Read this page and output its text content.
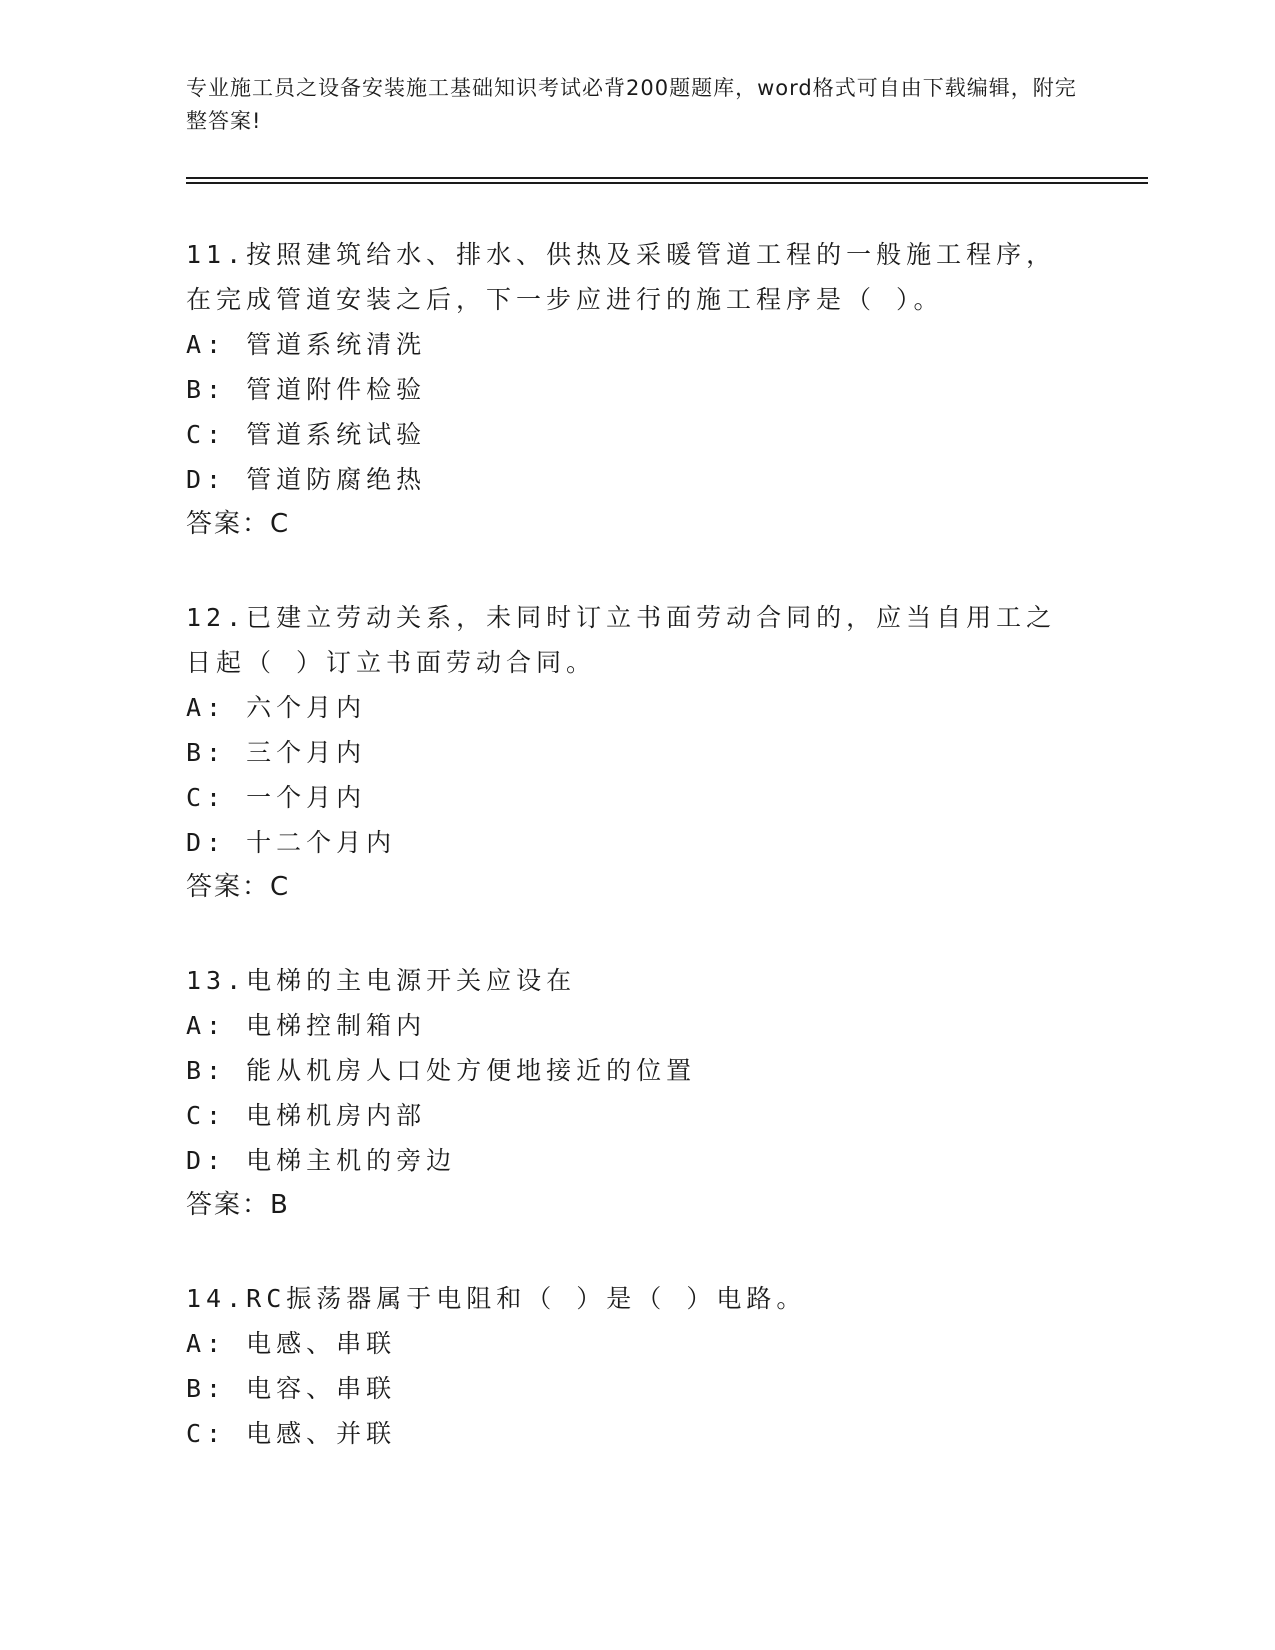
专业施工员之设备安装施工基础知识考试必背200题题库，word格式可自由下载编辑，附完整答案!
11.按照建筑给水、排水、供热及采暖管道工程的一般施工程序，在完成管道安装之后，下一步应进行的施工程序是（ ）。
A: 管道系统清洗
B: 管道附件检验
C: 管道系统试验
D: 管道防腐绝热
答案：C
12.已建立劳动关系，未同时订立书面劳动合同的，应当自用工之日起（ ）订立书面劳动合同。
A: 六个月内
B: 三个月内
C: 一个月内
D: 十二个月内
答案：C
13.电梯的主电源开关应设在
A: 电梯控制箱内
B: 能从机房人口处方便地接近的位置
C: 电梯机房内部
D: 电梯主机的旁边
答案：B
14.RC振荡器属于电阻和（ ）是（ ）电路。
A: 电感、串联
B: 电容、串联
C: 电感、并联
